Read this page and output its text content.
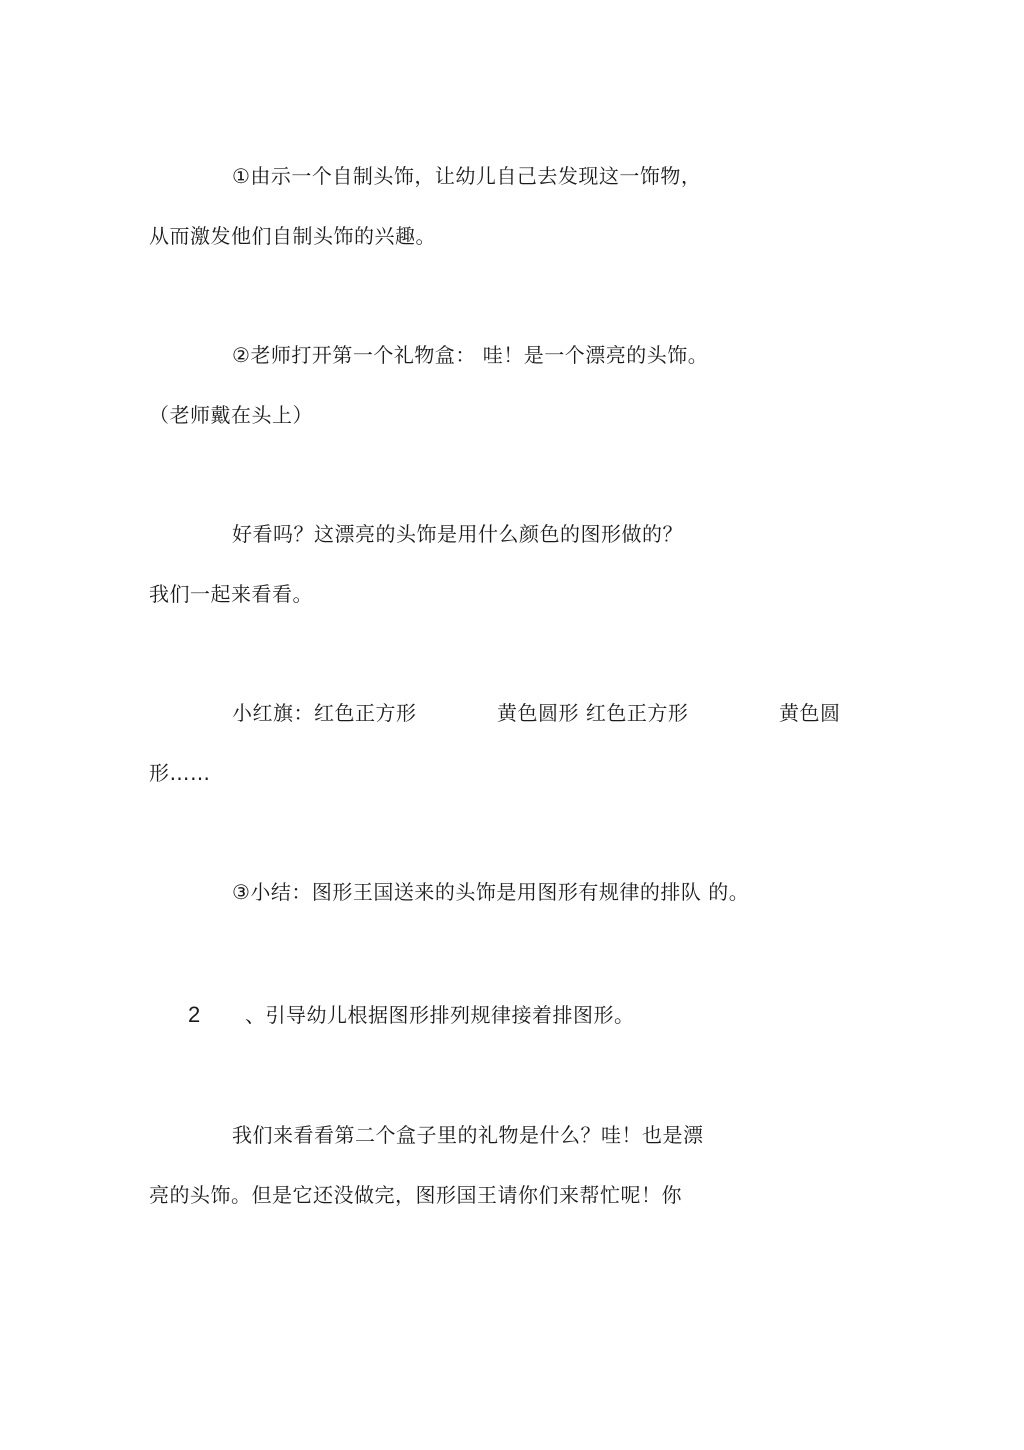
①由示一个自制头饰，让幼儿自己去发现这一饰物，
从而激发他们自制头饰的兴趣。
②老师打开第一个礼物盒： 哇！是一个漂亮的头饰。
（老师戴在头上）
好看吗？这漂亮的头饰是用什么颜色的图形做的？
我们一起来看看。
小红旗：红色正方形	黄色圆形 红色正方形	黄色圆
形……
③小结：图形王国送来的头饰是用图形有规律的排队 的。
2 、引导幼儿根据图形排列规律接着排图形。
我们来看看第二个盒子里的礼物是什么？哇！也是漂
亮的头饰。但是它还没做完，图形国王请你们来帮忙呢！你
